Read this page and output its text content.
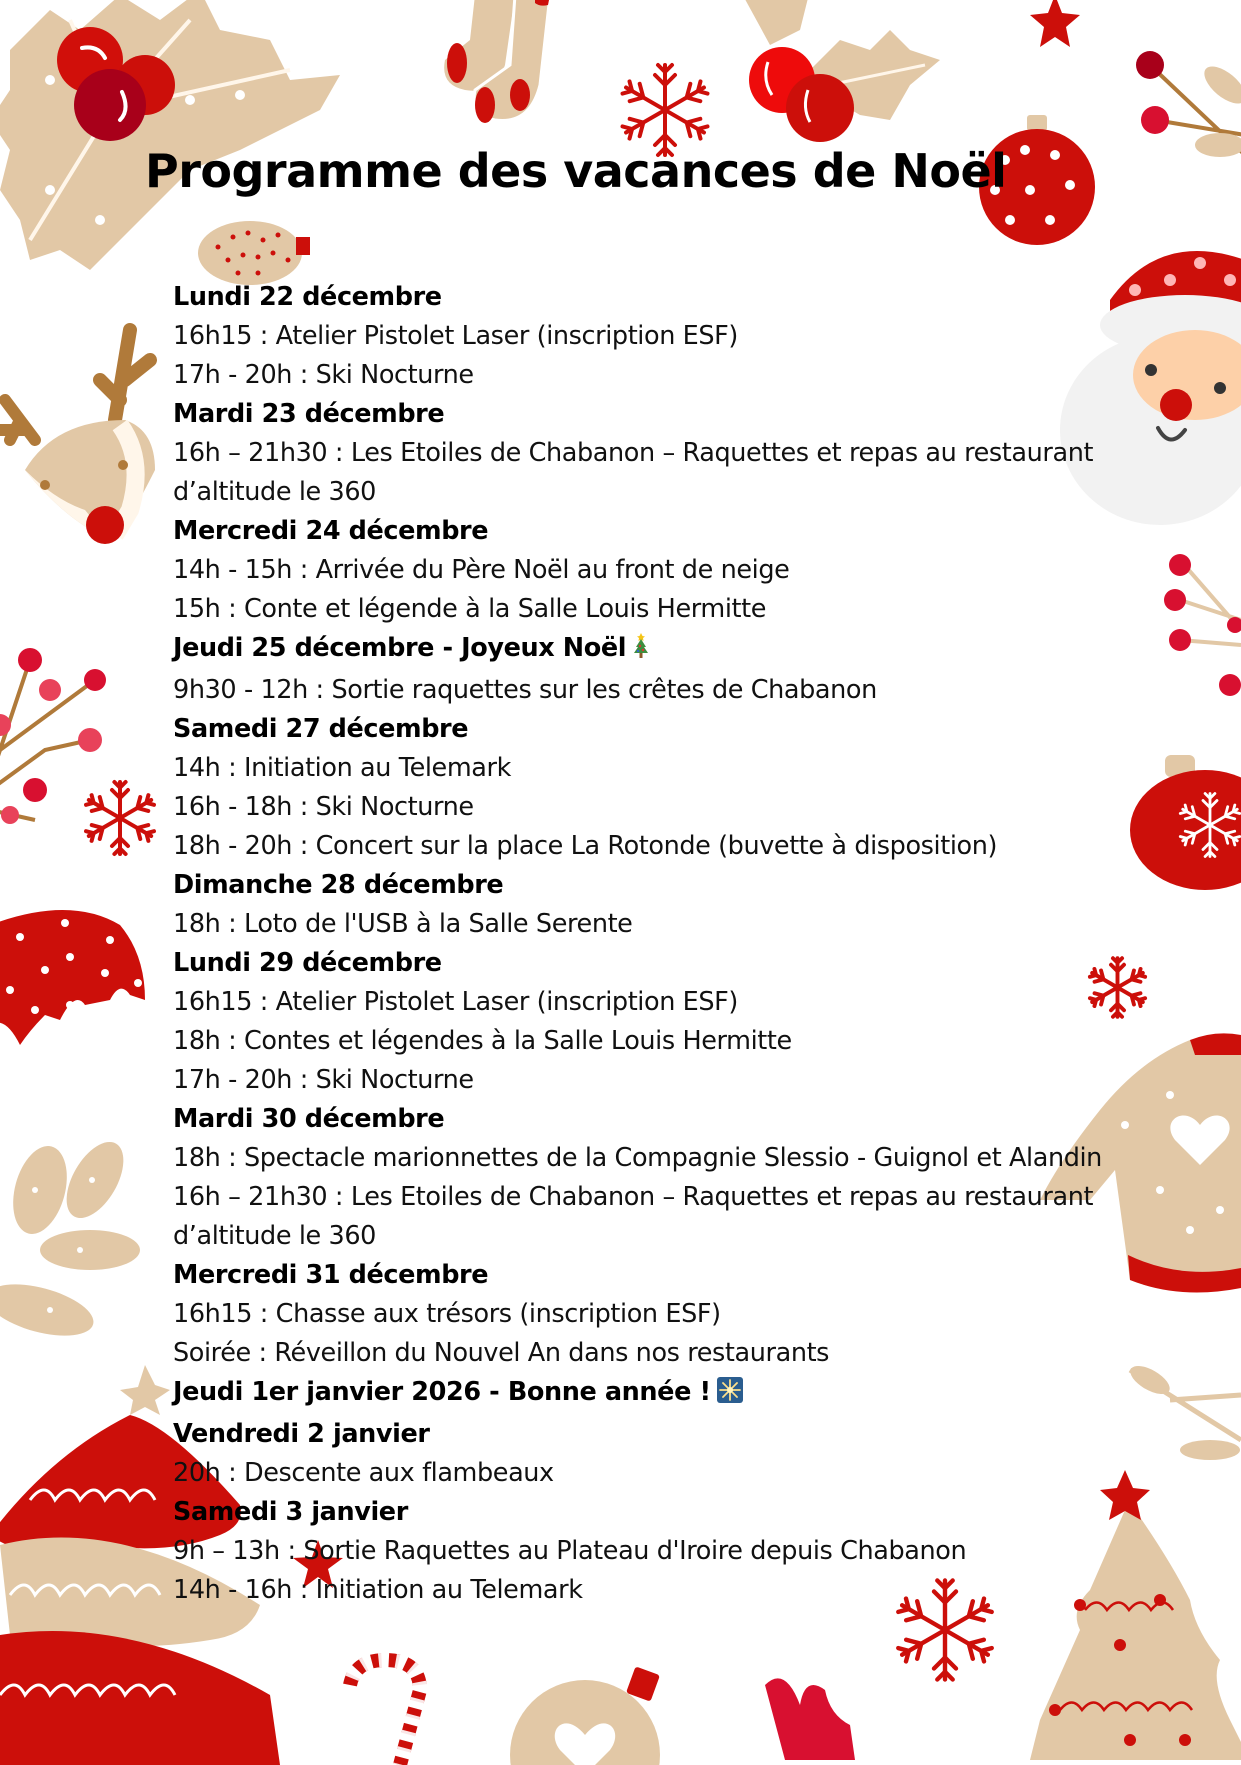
Programme des vacances de Noël
Lundi 22 décembre
16h15 : Atelier Pistolet Laser (inscription ESF)
17h - 20h : Ski Nocturne
Mardi 23 décembre
16h – 21h30 : Les Etoiles de Chabanon – Raquettes et repas au restaurant d’altitude le 360
Mercredi 24 décembre
14h - 15h : Arrivée du Père Noël au front de neige
15h : Conte et légende à la Salle Louis Hermitte
Jeudi 25 décembre - Joyeux Noël
9h30 - 12h : Sortie raquettes sur les crêtes de Chabanon
Samedi 27 décembre
14h : Initiation au Telemark
16h - 18h : Ski Nocturne
18h - 20h : Concert sur la place La Rotonde (buvette à disposition)
Dimanche 28 décembre
18h : Loto de l'USB à la Salle Serente
Lundi 29 décembre
16h15 : Atelier Pistolet Laser (inscription ESF)
18h : Contes et légendes à la Salle Louis Hermitte
17h - 20h : Ski Nocturne
Mardi 30 décembre
18h : Spectacle marionnettes de la Compagnie Slessio - Guignol et Alandin
16h – 21h30 : Les Etoiles de Chabanon – Raquettes et repas au restaurant d’altitude le 360
Mercredi 31 décembre
16h15 : Chasse aux trésors (inscription ESF)
Soirée : Réveillon du Nouvel An dans nos restaurants
Jeudi 1er janvier 2026 - Bonne année !
Vendredi 2 janvier
20h : Descente aux flambeaux
Samedi 3 janvier
9h – 13h : Sortie Raquettes au Plateau d'Iroire depuis Chabanon
14h - 16h : Initiation au Telemark
